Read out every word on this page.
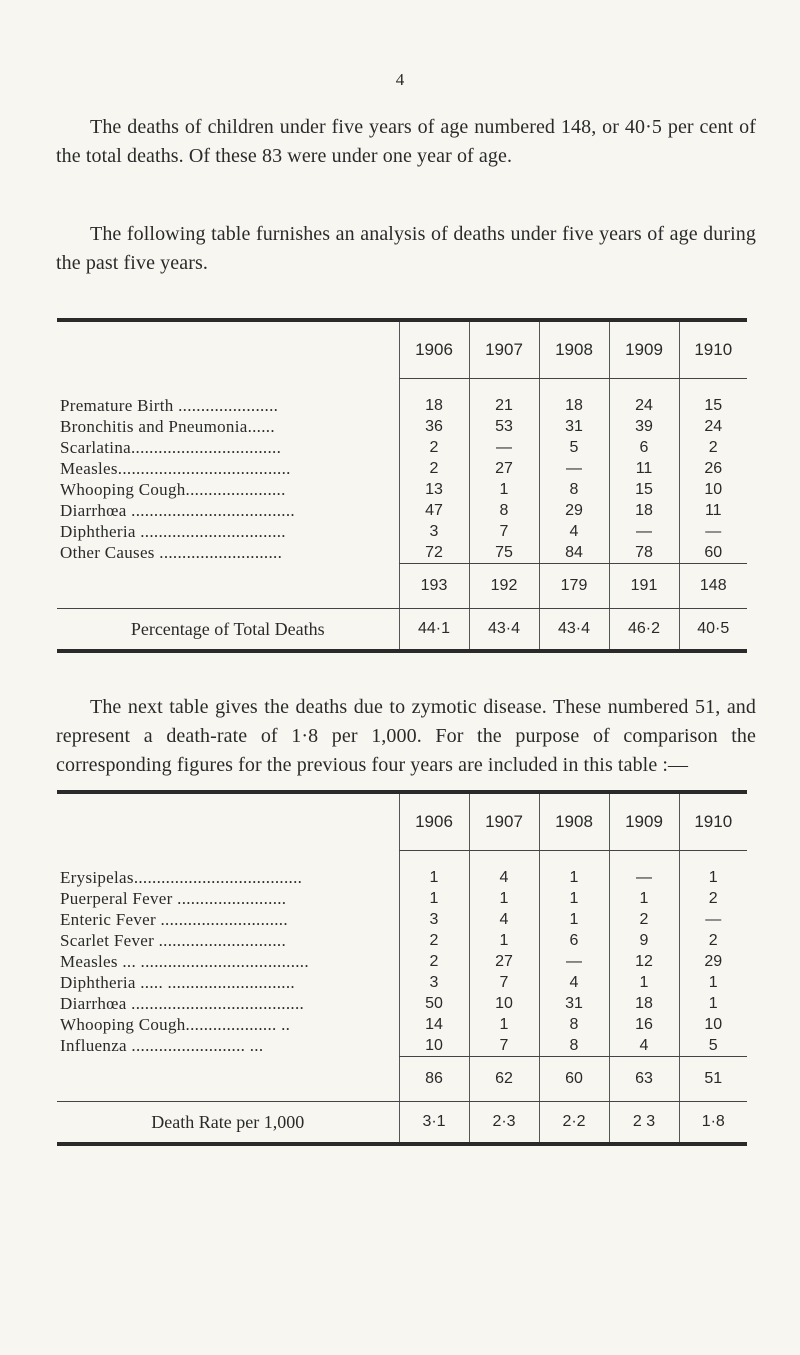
4
The deaths of children under five years of age numbered 148, or 40·5 per cent of the total deaths. Of these 83 were under one year of age.
The following table furnishes an analysis of deaths under five years of age during the past five years.

	1906	1907	1908	1909	1910
Premature Birth ......................	18	21	18	24	15
Bronchitis and Pneumonia......	36	53	31	39	24
Scarlatina.................................	2	—	5	6	2
Measles......................................	2	27	—	11	26
Whooping Cough......................	13	1	8	15	10
Diarrhœa ....................................	47	8	29	18	11
Diphtheria ................................	3	7	4	—	—
Other Causes ...........................	72	75	84	78	60
	193	192	179	191	148
Percentage of Total Deaths	44·1	43·4	43·4	46·2	40·5

The next table gives the deaths due to zymotic disease. These numbered 51, and represent a death-rate of 1·8 per 1,000. For the purpose of comparison the corresponding figures for the previous four years are included in this table :—

	1906	1907	1908	1909	1910
Erysipelas.....................................	1	4	1	—	1
Puerperal Fever ........................	1	1	1	1	2
Enteric Fever ............................	3	4	1	2	—
Scarlet Fever ............................	2	1	6	9	2
Measles ... .....................................	2	27	—	12	29
Diphtheria ..... ............................	3	7	4	1	1
Diarrhœa ......................................	50	10	31	18	1
Whooping Cough.................... ..	14	1	8	16	10
Influenza ......................... ...	10	7	8	4	5
	86	62	60	63	51
Death Rate per 1,000	3·1	2·3	2·2	2 3	1·8
